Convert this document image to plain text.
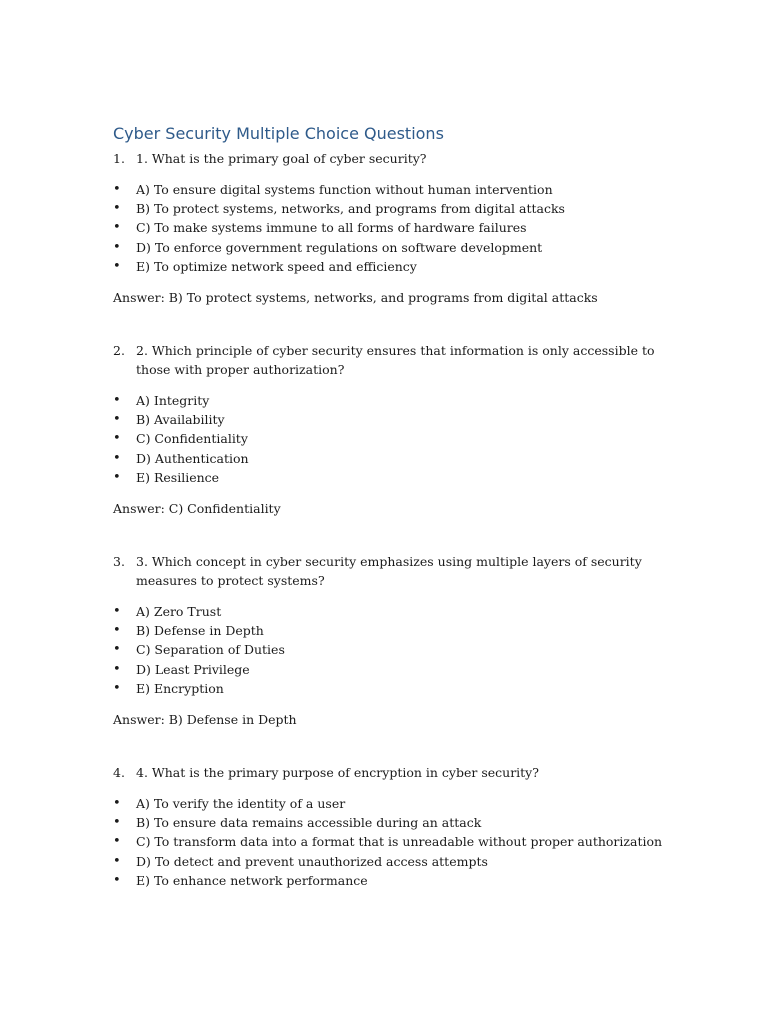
Cyber Security Multiple Choice Questions
1. 1. What is the primary goal of cyber security?
• A) To ensure digital systems function without human intervention
• B) To protect systems, networks, and programs from digital attacks
• C) To make systems immune to all forms of hardware failures
• D) To enforce government regulations on software development
• E) To optimize network speed and efficiency
Answer: B) To protect systems, networks, and programs from digital attacks
2. 2. Which principle of cyber security ensures that information is only accessible to those with proper authorization?
• A) Integrity
• B) Availability
• C) Confidentiality
• D) Authentication
• E) Resilience
Answer: C) Confidentiality
3. 3. Which concept in cyber security emphasizes using multiple layers of security measures to protect systems?
• A) Zero Trust
• B) Defense in Depth
• C) Separation of Duties
• D) Least Privilege
• E) Encryption
Answer: B) Defense in Depth
4. 4. What is the primary purpose of encryption in cyber security?
• A) To verify the identity of a user
• B) To ensure data remains accessible during an attack
• C) To transform data into a format that is unreadable without proper authorization
• D) To detect and prevent unauthorized access attempts
• E) To enhance network performance
